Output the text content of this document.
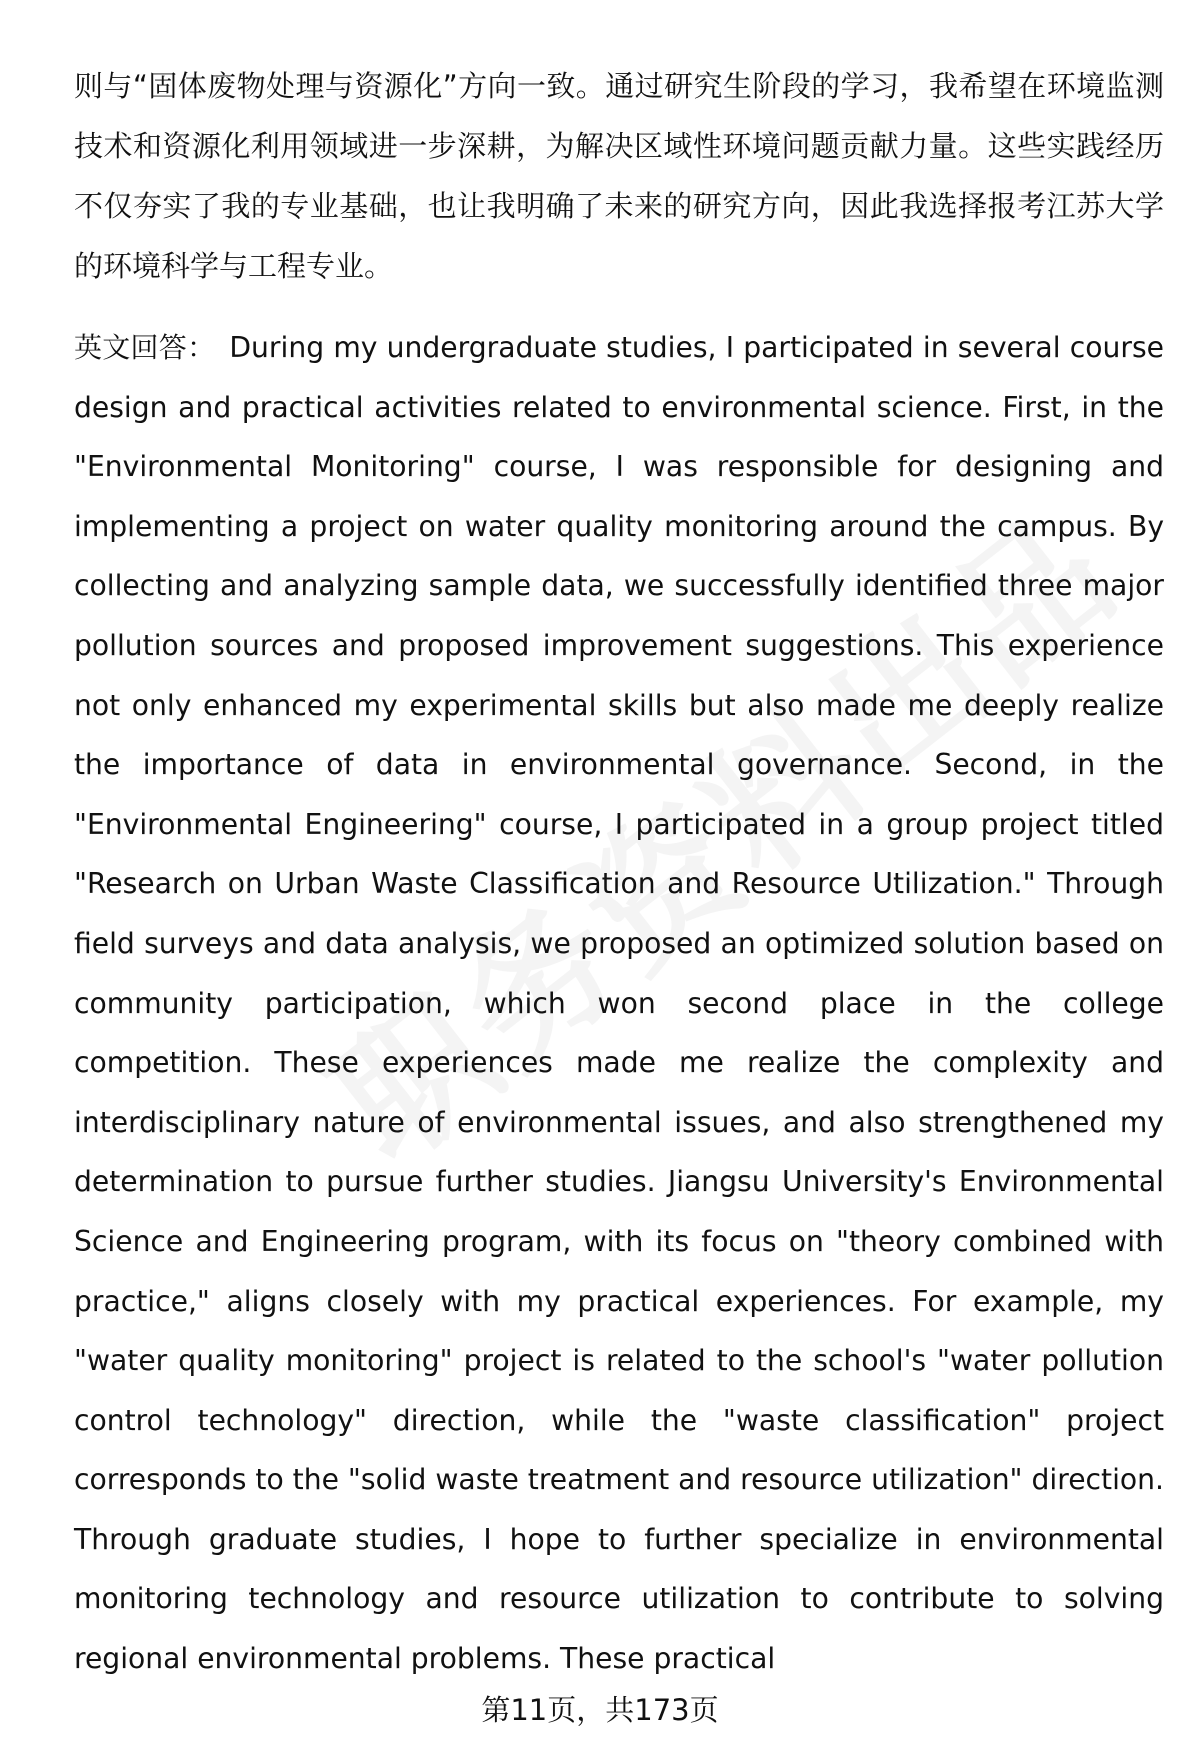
则与“固体废物处理与资源化”方向一致。通过研究生阶段的学习，我希望在环境监测技术和资源化利用领域进一步深耕，为解决区域性环境问题贡献力量。这些实践经历不仅夯实了我的专业基础，也让我明确了未来的研究方向，因此我选择报考江苏大学的环境科学与工程专业。

英文回答： During my undergraduate studies, I participated in several course design and practical activities related to environmental science. First, in the "Environmental Monitoring" course, I was responsible for designing and implementing a project on water quality monitoring around the campus. By collecting and analyzing sample data, we successfully identified three major pollution sources and proposed improvement suggestions. This experience not only enhanced my experimental skills but also made me deeply realize the importance of data in environmental governance. Second, in the "Environmental Engineering" course, I participated in a group project titled "Research on Urban Waste Classification and Resource Utilization." Through field surveys and data analysis, we proposed an optimized solution based on community participation, which won second place in the college competition. These experiences made me realize the complexity and interdisciplinary nature of environmental issues, and also strengthened my determination to pursue further studies. Jiangsu University's Environmental Science and Engineering program, with its focus on "theory combined with practice," aligns closely with my practical experiences. For example, my "water quality monitoring" project is related to the school's "water pollution control technology" direction, while the "waste classification" project corresponds to the "solid waste treatment and resource utilization" direction. Through graduate studies, I hope to further specialize in environmental monitoring technology and resource utilization to contribute to solving regional environmental problems. These practical

第11页，共173页
